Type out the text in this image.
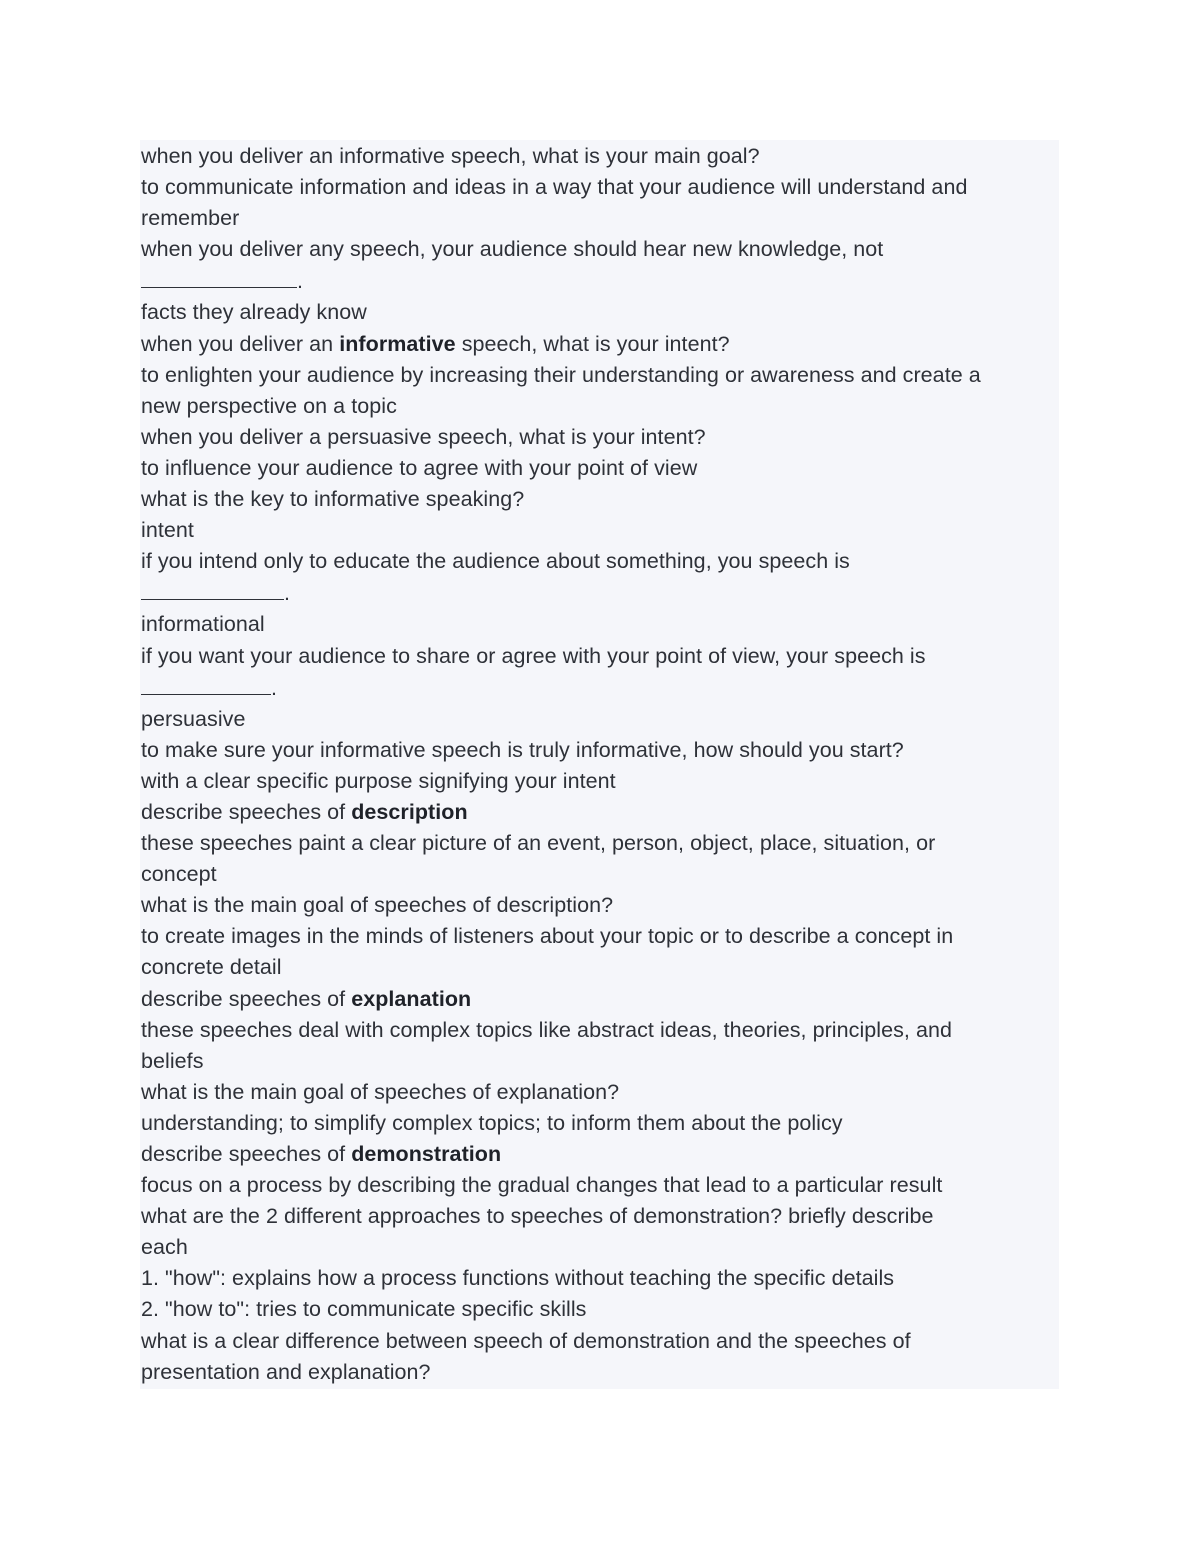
when you deliver an informative speech, what is your main goal?
to communicate information and ideas in a way that your audience will understand and
remember
when you deliver any speech, your audience should hear new knowledge, not
.
facts they already know
when you deliver an informative speech, what is your intent?
to enlighten your audience by increasing their understanding or awareness and create a
new perspective on a topic
when you deliver a persuasive speech, what is your intent?
to influence your audience to agree with your point of view
what is the key to informative speaking?
intent
if you intend only to educate the audience about something, you speech is
.
informational
if you want your audience to share or agree with your point of view, your speech is
.
persuasive
to make sure your informative speech is truly informative, how should you start?
with a clear specific purpose signifying your intent
describe speeches of description
these speeches paint a clear picture of an event, person, object, place, situation, or
concept
what is the main goal of speeches of description?
to create images in the minds of listeners about your topic or to describe a concept in
concrete detail
describe speeches of explanation
these speeches deal with complex topics like abstract ideas, theories, principles, and
beliefs
what is the main goal of speeches of explanation?
understanding; to simplify complex topics; to inform them about the policy
describe speeches of demonstration
focus on a process by describing the gradual changes that lead to a particular result
what are the 2 different approaches to speeches of demonstration? briefly describe
each
1. "how": explains how a process functions without teaching the specific details
2. "how to": tries to communicate specific skills
what is a clear difference between speech of demonstration and the speeches of
presentation and explanation?
